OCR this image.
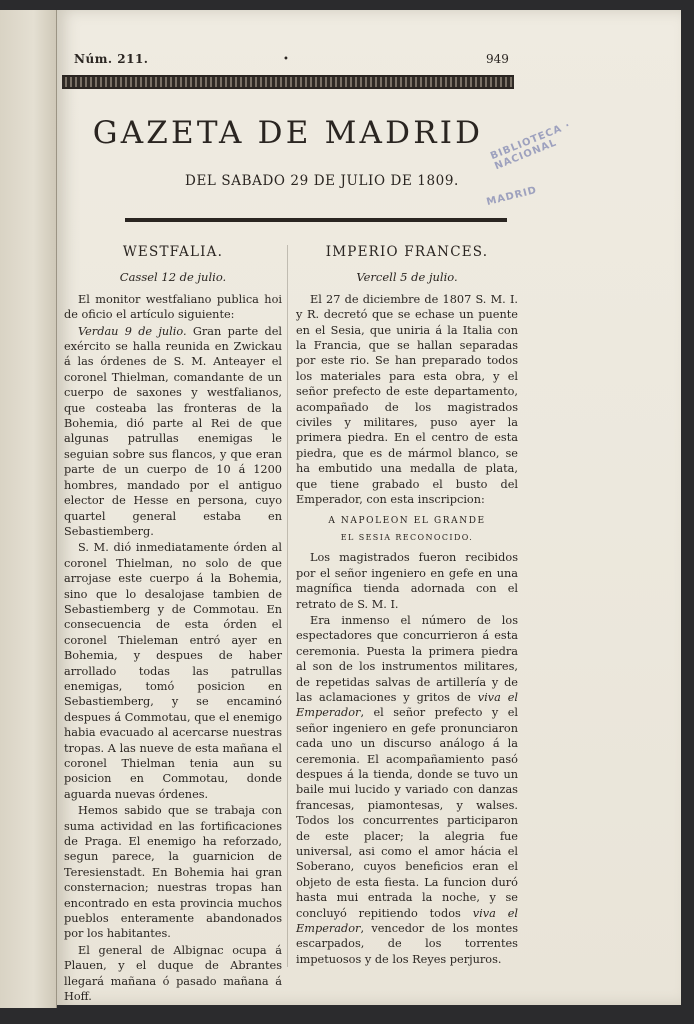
Núm. 211.	•	949
GAZETA DE MADRID
DEL SABADO 29 DE JULIO DE 1809.
BIBLIOTECA · NACIONAL
MADRID
WESTFALIA.
Cassel 12 de julio.

El monitor westfaliano publica hoi de oficio el artículo siguiente:

Verdau 9 de julio. Gran parte del exército se halla reunida en Zwickau á las órdenes de S. M. Anteayer el coronel Thielman, comandante de un cuerpo de saxones y westfalianos, que costeaba las fronteras de la Bohemia, dió parte al Rei de que algunas patrullas enemigas le seguian sobre sus flancos, y que eran parte de un cuerpo de 10 á 1200 hombres, mandado por el antiguo elector de Hesse en persona, cuyo quartel general estaba en Sebastiemberg.

S. M. dió inmediatamente órden al coronel Thielman, no solo de que arrojase este cuerpo á la Bohemia, sino que lo desalojase tambien de Sebastiemberg y de Commotau. En consecuencia de esta órden el coronel Thieleman entró ayer en Bohemia, y despues de haber arrollado todas las patrullas enemigas, tomó posicion en Sebastiemberg, y se encaminó despues á Commotau, que el enemigo habia evacuado al acercarse nuestras tropas. A las nueve de esta mañana el coronel Thielman tenia aun su posicion en Commotau, donde aguarda nuevas órdenes.

Hemos sabido que se trabaja con suma actividad en las fortificaciones de Praga. El enemigo ha reforzado, segun parece, la guarnicion de Teresienstadt. En Bohemia hai gran consternacion; nuestras tropas han encontrado en esta provincia muchos pueblos enteramente abandonados por los habitantes.

El general de Albignac ocupa á Plauen, y el duque de Abrantes llegará mañana ó pasado mañana á Hoff.

IMPERIO FRANCES.
Vercell 5 de julio.

El 27 de diciembre de 1807 S. M. I. y R. decretó que se echase un puente en el Sesia, que uniria á la Italia con la Francia, que se hallan separadas por este rio. Se han preparado todos los materiales para esta obra, y el señor prefecto de este departamento, acompañado de los magistrados civiles y militares, puso ayer la primera piedra. En el centro de esta piedra, que es de mármol blanco, se ha embutido una medalla de plata, que tiene grabado el busto del Emperador, con esta inscripcion:

A NAPOLEON EL GRANDE

EL SESIA RECONOCIDO.

Los magistrados fueron recibidos por el señor ingeniero en gefe en una magnífica tienda adornada con el retrato de S. M. I.

Era inmenso el número de los espectadores que concurrieron á esta ceremonia. Puesta la primera piedra al son de los instrumentos militares, de repetidas salvas de artillería y de las aclamaciones y gritos de viva el Emperador, el señor prefecto y el señor ingeniero en gefe pronunciaron cada uno un discurso análogo á la ceremonia. El acompañamiento pasó despues á la tienda, donde se tuvo un baile mui lucido y variado con danzas francesas, piamontesas, y walses. Todos los concurrentes participaron de este placer; la alegria fue universal, asi como el amor hácia el Soberano, cuyos beneficios eran el objeto de esta fiesta. La funcion duró hasta mui entrada la noche, y se concluyó repitiendo todos viva el Emperador, vencedor de los montes escarpados, de los torrentes impetuosos y de los Reyes perjuros.
